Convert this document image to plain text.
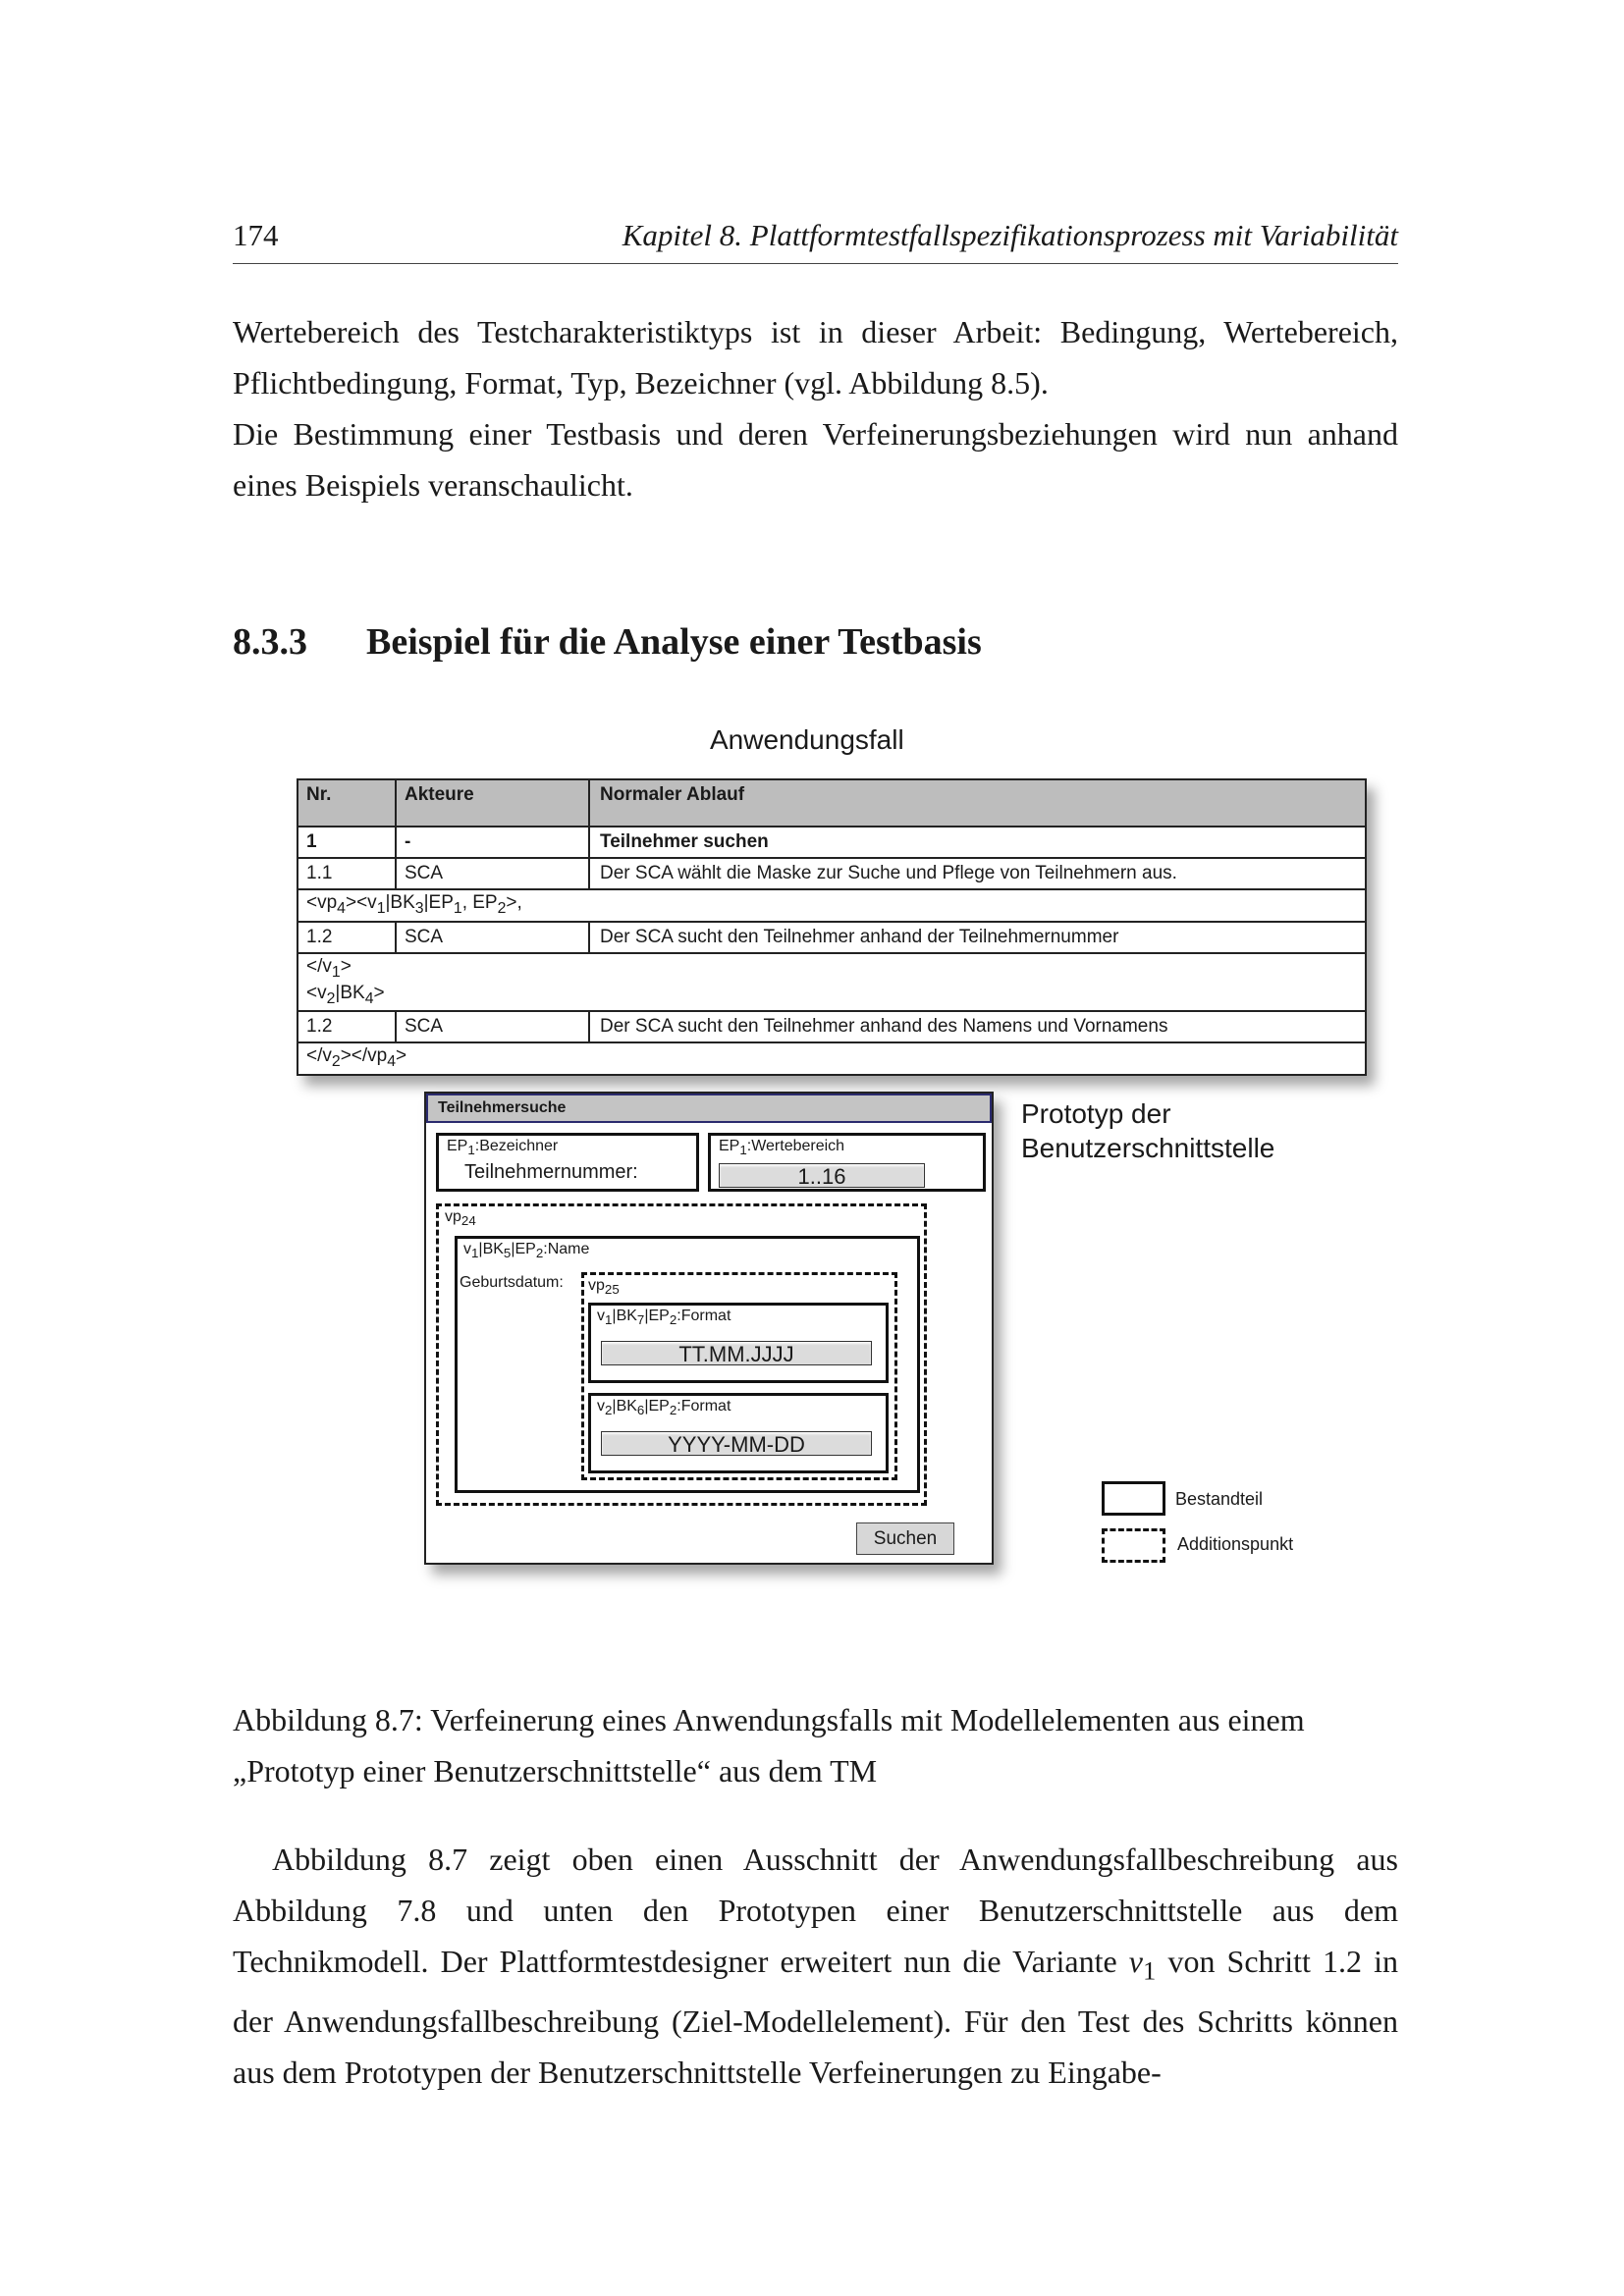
174	Kapitel 8. Plattformtestfallspezifikationsprozess mit Variabilität

Wertebereich des Testcharakteristiktyps ist in dieser Arbeit: Bedingung, Wertebereich, Pflichtbedingung, Format, Typ, Bezeichner (vgl. Abbildung 8.5).

Die Bestimmung einer Testbasis und deren Verfeinerungsbeziehungen wird nun anhand eines Beispiels veranschaulicht.

8.3.3 Beispiel für die Analyse einer Testbasis
Anwendungsfall
Nr.	Akteure	Normaler Ablauf
1	-	Teilnehmer suchen
1.1	SCA	Der SCA wählt die Maske zur Suche und Pflege von Teilnehmern aus.
$<vp_4><v_1|BK_3|EP_1$, $EP_2>$,
1.2	SCA	Der SCA sucht den Teilnehmer anhand der Teilnehmernummer
$</v_1>$
$<v_2|BK_4>$
1.2	SCA	Der SCA sucht den Teilnehmer anhand des Namens und Vornamens
$</v_2></vp_4>$
Teilnehmersuche
$EP_1:Bezeichner$
Teilnehmernummer:
$EP_1:Wertebereich$
1..16
$vp_{24}$
$v_1|BK_5|EP_2:Name$
Geburtsdatum: $vp_{25}$
$v_1|BK_7|EP_2:Format$
TT.MM.JJJJ
$v_2|BK_6|EP_2:Format$
YYYY-MM-DD
Suchen
Prototyp der
Benutzerschnittstelle
Bestandteil
Additionspunkt
Abbildung 8.7: Verfeinerung eines Anwendungsfalls mit Modellelementen aus einem
„Prototyp einer Benutzerschnittstelle“ aus dem TM

Abbildung 8.7 zeigt oben einen Ausschnitt der Anwendungsfallbeschreibung aus Abbildung 7.8 und unten den Prototypen einer Benutzerschnittstelle aus dem Technikmodell. Der Plattformtestdesigner erweitert nun die Variante $v_1$ von Schritt 1.2 in der Anwendungsfallbeschreibung (Ziel-Modellelement). Für den Test des Schritts können aus dem Prototypen der Benutzerschnittstelle Verfeinerungen zu Eingabe-
